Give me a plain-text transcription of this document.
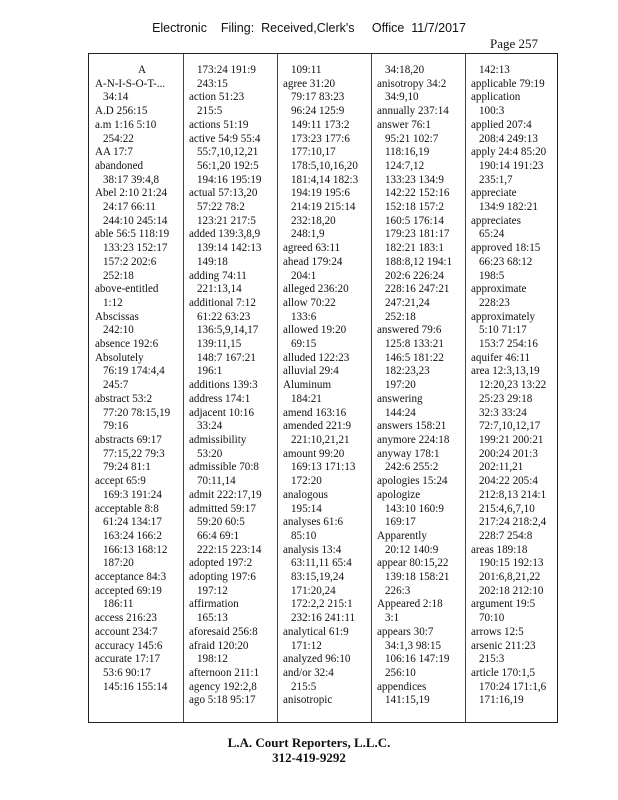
Electronic    Filing:  Received,Clerk's     Office  11/7/2017
Page 257
A
A-N-I-S-O-T-...
34:14
A.D 256:15
a.m 1:16 5:10
254:22
AA 17:7
abandoned
38:17 39:4,8
Abel 2:10 21:24
24:17 66:11
244:10 245:14
able 56:5 118:19
133:23 152:17
157:2 202:6
252:18
above-entitled
1:12
Abscissas
242:10
absence 192:6
Absolutely
76:19 174:4,4
245:7
abstract 53:2
77:20 78:15,19
79:16
abstracts 69:17
77:15,22 79:3
79:24 81:1
accept 65:9
169:3 191:24
acceptable 8:8
61:24 134:17
163:24 166:2
166:13 168:12
187:20
acceptance 84:3
accepted 69:19
186:11
access 216:23
account 234:7
accuracy 145:6
accurate 17:17
53:6 90:17
145:16 155:14
173:24 191:9
243:15
action 51:23
215:5
actions 51:19
active 54:9 55:4
55:7,10,12,21
56:1,20 192:5
194:16 195:19
actual 57:13,20
57:22 78:2
123:21 217:5
added 139:3,8,9
139:14 142:13
149:18
adding 74:11
221:13,14
additional 7:12
61:22 63:23
136:5,9,14,17
139:11,15
148:7 167:21
196:1
additions 139:3
address 174:1
adjacent 10:16
33:24
admissibility
53:20
admissible 70:8
70:11,14
admit 222:17,19
admitted 59:17
59:20 60:5
66:4 69:1
222:15 223:14
adopted 197:2
adopting 197:6
197:12
affirmation
165:13
aforesaid 256:8
afraid 120:20
198:12
afternoon 211:1
agency 192:2,8
ago 5:18 95:17
109:11
agree 31:20
79:17 83:23
96:24 125:9
149:11 173:2
173:23 177:6
177:10,17
178:5,10,16,20
181:4,14 182:3
194:19 195:6
214:19 215:14
232:18,20
248:1,9
agreed 63:11
ahead 179:24
204:1
alleged 236:20
allow 70:22
133:6
allowed 19:20
69:15
alluded 122:23
alluvial 29:4
Aluminum
184:21
amend 163:16
amended 221:9
221:10,21,21
amount 99:20
169:13 171:13
172:20
analogous
195:14
analyses 61:6
85:10
analysis 13:4
63:11,11 65:4
83:15,19,24
171:20,24
172:2,2 215:1
232:16 241:11
analytical 61:9
171:12
analyzed 96:10
and/or 32:4
215:5
anisotropic
34:18,20
anisotropy 34:2
34:9,10
annually 237:14
answer 76:1
95:21 102:7
118:16,19
124:7,12
133:23 134:9
142:22 152:16
152:18 157:2
160:5 176:14
179:23 181:17
182:21 183:1
188:8,12 194:1
202:6 226:24
228:16 247:21
247:21,24
252:18
answered 79:6
125:8 133:21
146:5 181:22
182:23,23
197:20
answering
144:24
answers 158:21
anymore 224:18
anyway 178:1
242:6 255:2
apologies 15:24
apologize
143:10 160:9
169:17
Apparently
20:12 140:9
appear 80:15,22
139:18 158:21
226:3
Appeared 2:18
3:1
appears 30:7
34:1,3 98:15
106:16 147:19
256:10
appendices
141:15,19
142:13
applicable 79:19
application
100:3
applied 207:4
208:4 249:13
apply 24:4 85:20
190:14 191:23
235:1,7
appreciate
134:9 182:21
appreciates
65:24
approved 18:15
66:23 68:12
198:5
approximate
228:23
approximately
5:10 71:17
153:7 254:16
aquifer 46:11
area 12:3,13,19
12:20,23 13:22
25:23 29:18
32:3 33:24
72:7,10,12,17
199:21 200:21
200:24 201:3
202:11,21
204:22 205:4
212:8,13 214:1
215:4,6,7,10
217:24 218:2,4
228:7 254:8
areas 189:18
190:15 192:13
201:6,8,21,22
202:18 212:10
argument 19:5
70:10
arrows 12:5
arsenic 211:23
215:3
article 170:1,5
170:24 171:1,6
171:16,19
L.A. Court Reporters, L.L.C.
312-419-9292
